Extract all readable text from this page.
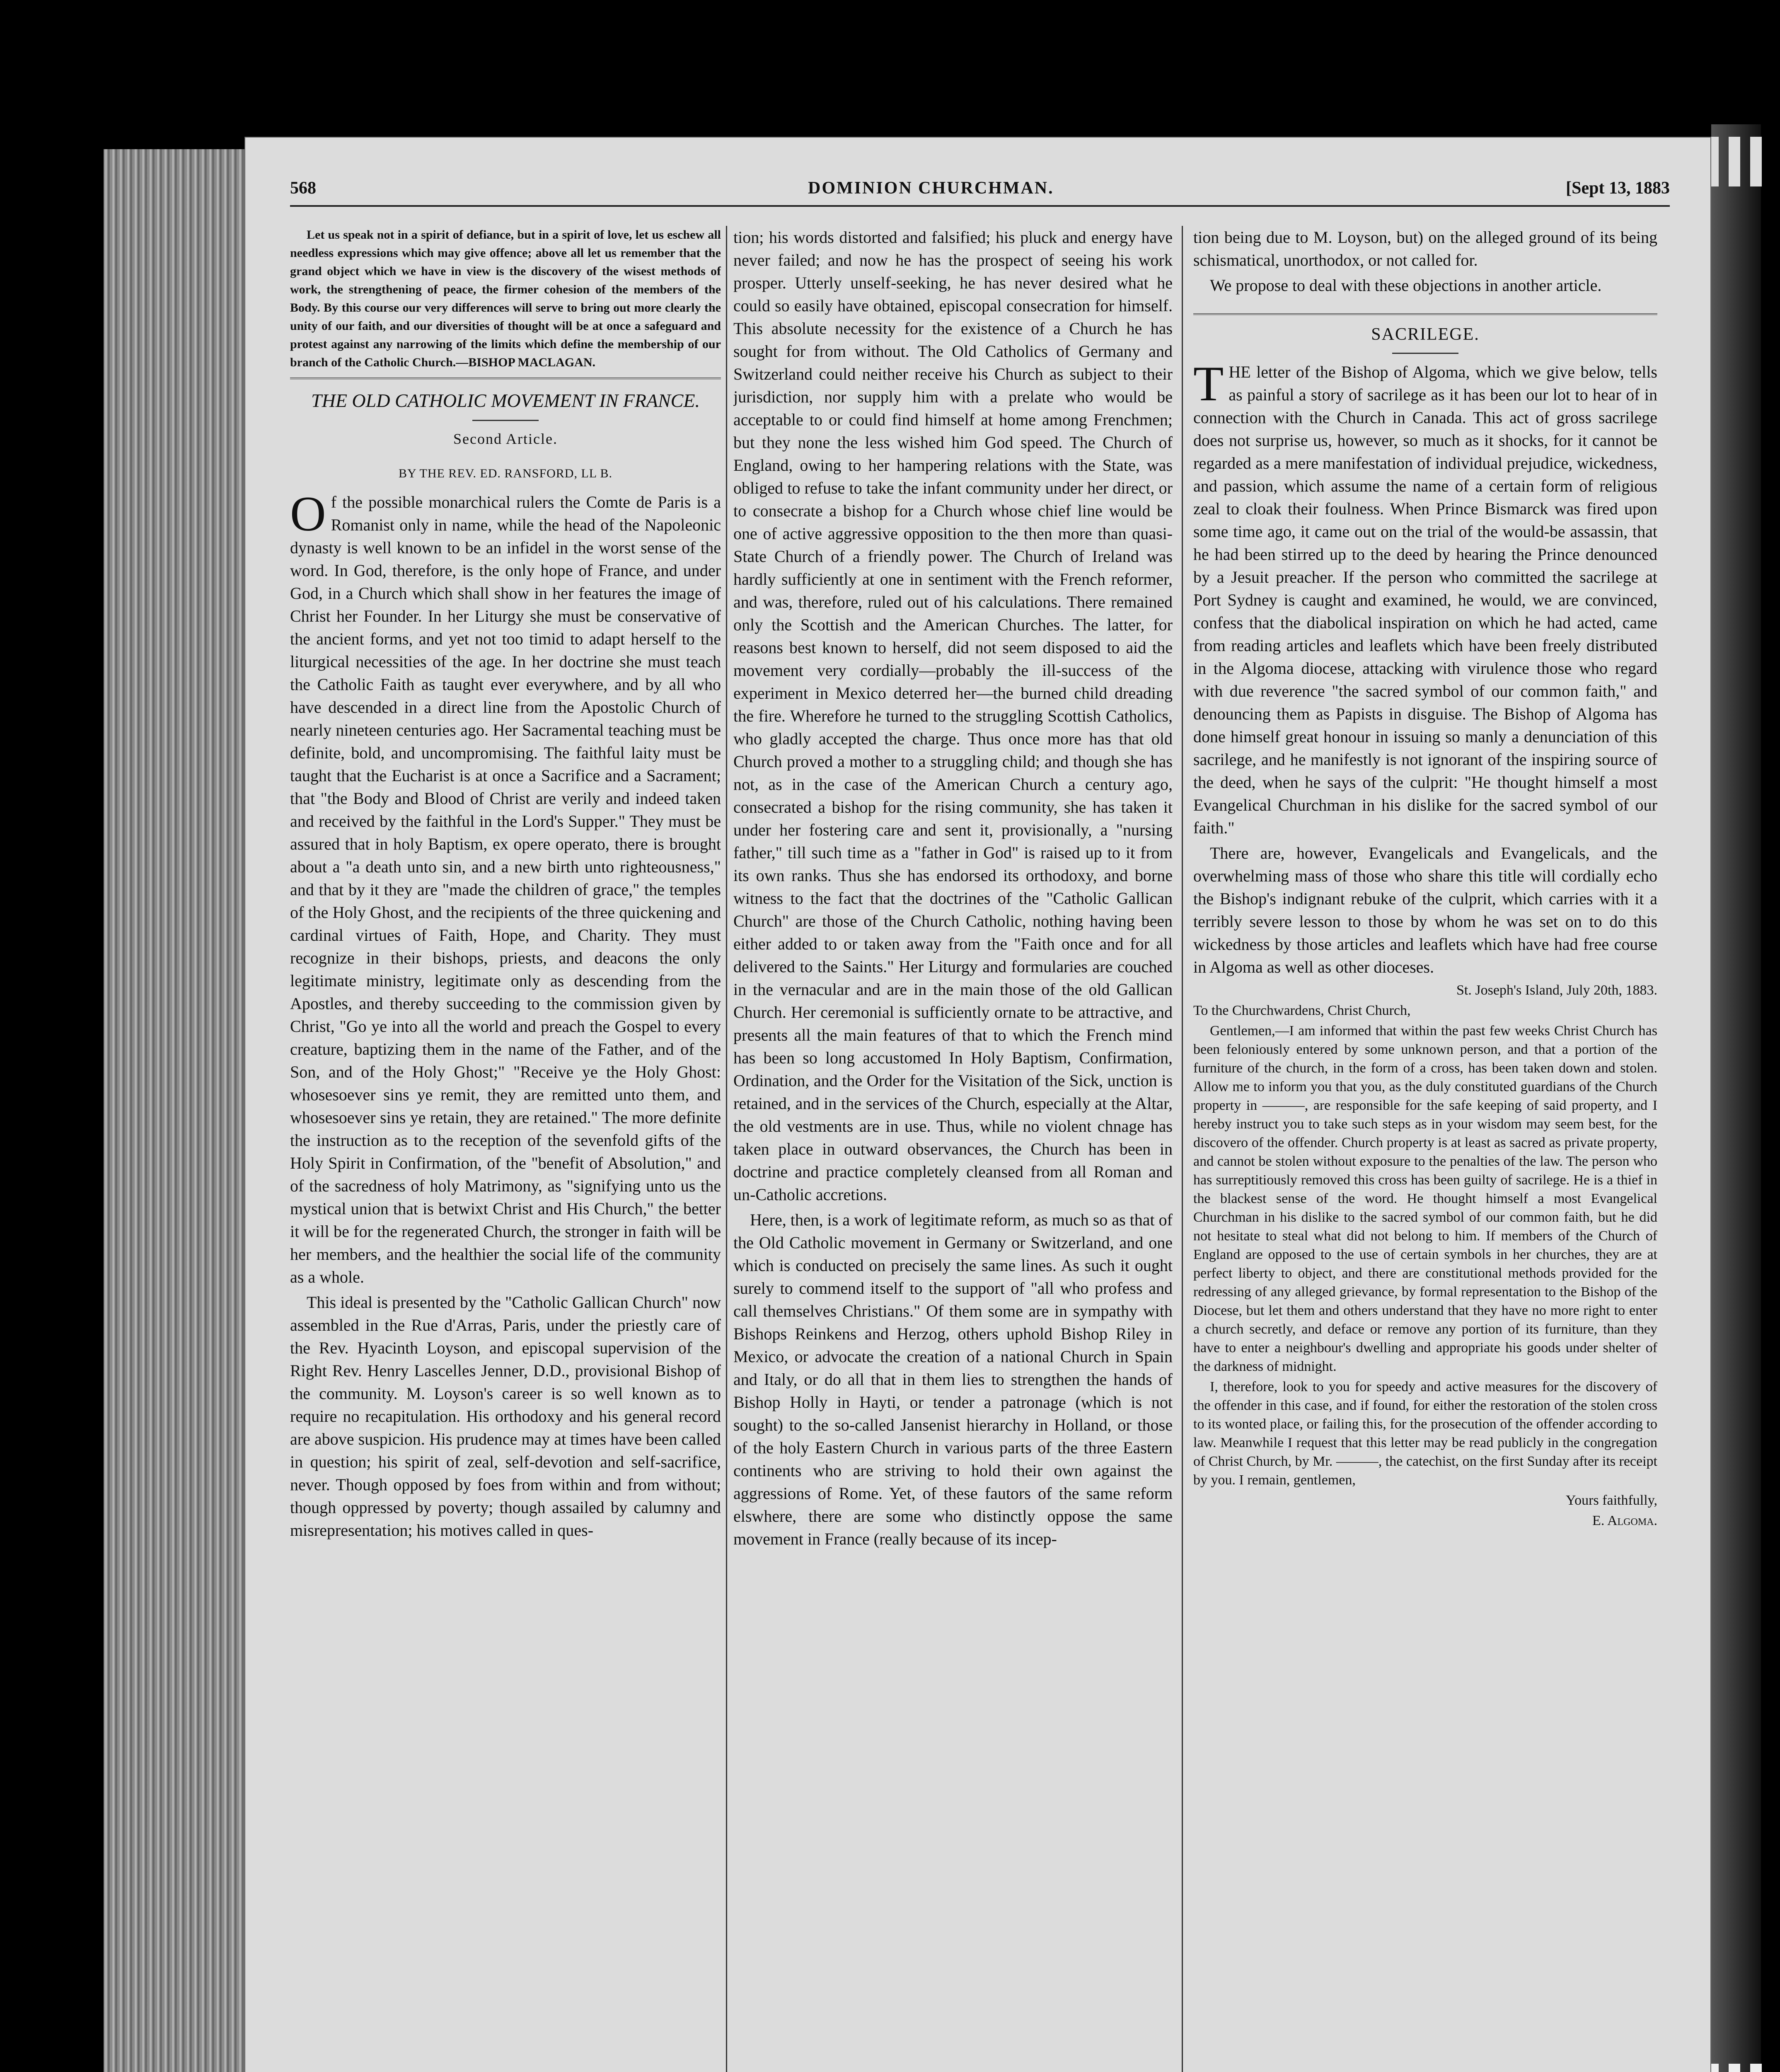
568	DOMINION CHURCHMAN.	[Sept 13, 1883

Let us speak not in a spirit of defiance, but in a spirit of love, let us eschew all needless expressions which may give offence; above all let us remember that the grand object which we have in view is the discovery of the wisest methods of work, the strengthening of peace, the firmer cohesion of the members of the Body. By this course our very differences will serve to bring out more clearly the unity of our faith, and our diversities of thought will be at once a safeguard and protest against any narrowing of the limits which define the membership of our branch of the Catholic Church.—BISHOP MACLAGAN.

THE OLD CATHOLIC MOVEMENT IN FRANCE.
Second Article.
BY THE REV. ED. RANSFORD, LL B.

Of the possible monarchical rulers the Comte de Paris is a Romanist only in name, while the head of the Napoleonic dynasty is well known to be an infidel in the worst sense of the word. In God, therefore, is the only hope of France, and under God, in a Church which shall show in her features the image of Christ her Founder. In her Liturgy she must be conservative of the ancient forms, and yet not too timid to adapt herself to the liturgical necessities of the age. In her doctrine she must teach the Catholic Faith as taught ever everywhere, and by all who have descended in a direct line from the Apostolic Church of nearly nineteen centuries ago. Her Sacramental teaching must be definite, bold, and uncompromising. The faithful laity must be taught that the Eucharist is at once a Sacrifice and a Sacrament; that "the Body and Blood of Christ are verily and indeed taken and received by the faithful in the Lord's Supper." They must be assured that in holy Baptism, ex opere operato, there is brought about a "a death unto sin, and a new birth unto righteousness," and that by it they are "made the children of grace," the temples of the Holy Ghost, and the recipients of the three quickening and cardinal virtues of Faith, Hope, and Charity. They must recognize in their bishops, priests, and deacons the only legitimate ministry, legitimate only as descending from the Apostles, and thereby succeeding to the commission given by Christ, "Go ye into all the world and preach the Gospel to every creature, baptizing them in the name of the Father, and of the Son, and of the Holy Ghost;" "Receive ye the Holy Ghost: whosesoever sins ye remit, they are remitted unto them, and whosesoever sins ye retain, they are retained." The more definite the instruction as to the reception of the sevenfold gifts of the Holy Spirit in Confirmation, of the "benefit of Absolution," and of the sacredness of holy Matrimony, as "signifying unto us the mystical union that is betwixt Christ and His Church," the better it will be for the regenerated Church, the stronger in faith will be her members, and the healthier the social life of the community as a whole.

This ideal is presented by the "Catholic Gallican Church" now assembled in the Rue d'Arras, Paris, under the priestly care of the Rev. Hyacinth Loyson, and episcopal supervision of the Right Rev. Henry Lascelles Jenner, D.D., provisional Bishop of the community. M. Loyson's career is so well known as to require no recapitulation. His orthodoxy and his general record are above suspicion. His prudence may at times have been called in question; his spirit of zeal, self-devotion and self-sacrifice, never. Though opposed by foes from within and from without; though oppressed by poverty; though assailed by calumny and misrepresentation; his motives called in ques-

tion; his words distorted and falsified; his pluck and energy have never failed; and now he has the prospect of seeing his work prosper. Utterly unself-seeking, he has never desired what he could so easily have obtained, episcopal consecration for himself. This absolute necessity for the existence of a Church he has sought for from without. The Old Catholics of Germany and Switzerland could neither receive his Church as subject to their jurisdiction, nor supply him with a prelate who would be acceptable to or could find himself at home among Frenchmen; but they none the less wished him God speed. The Church of England, owing to her hampering relations with the State, was obliged to refuse to take the infant community under her direct, or to consecrate a bishop for a Church whose chief line would be one of active aggressive opposition to the then more than quasi-State Church of a friendly power. The Church of Ireland was hardly sufficiently at one in sentiment with the French reformer, and was, therefore, ruled out of his calculations. There remained only the Scottish and the American Churches. The latter, for reasons best known to herself, did not seem disposed to aid the movement very cordially—probably the ill-success of the experiment in Mexico deterred her—the burned child dreading the fire. Wherefore he turned to the struggling Scottish Catholics, who gladly accepted the charge. Thus once more has that old Church proved a mother to a struggling child; and though she has not, as in the case of the American Church a century ago, consecrated a bishop for the rising community, she has taken it under her fostering care and sent it, provisionally, a "nursing father," till such time as a "father in God" is raised up to it from its own ranks. Thus she has endorsed its orthodoxy, and borne witness to the fact that the doctrines of the "Catholic Gallican Church" are those of the Church Catholic, nothing having been either added to or taken away from the "Faith once and for all delivered to the Saints." Her Liturgy and formularies are couched in the vernacular and are in the main those of the old Gallican Church. Her ceremonial is sufficiently ornate to be attractive, and presents all the main features of that to which the French mind has been so long accustomed In Holy Baptism, Confirmation, Ordination, and the Order for the Visitation of the Sick, unction is retained, and in the services of the Church, especially at the Altar, the old vestments are in use. Thus, while no violent chnage has taken place in outward observances, the Church has been in doctrine and practice completely cleansed from all Roman and un-Catholic accretions.

Here, then, is a work of legitimate reform, as much so as that of the Old Catholic movement in Germany or Switzerland, and one which is conducted on precisely the same lines. As such it ought surely to commend itself to the support of "all who profess and call themselves Christians." Of them some are in sympathy with Bishops Reinkens and Herzog, others uphold Bishop Riley in Mexico, or advocate the creation of a national Church in Spain and Italy, or do all that in them lies to strengthen the hands of Bishop Holly in Hayti, or tender a patronage (which is not sought) to the so-called Jansenist hierarchy in Holland, or those of the holy Eastern Church in various parts of the three Eastern continents who are striving to hold their own against the aggressions of Rome. Yet, of these fautors of the same reform elswhere, there are some who distinctly oppose the same movement in France (really because of its incep-

tion being due to M. Loyson, but) on the alleged ground of its being schismatical, unorthodox, or not called for.

We propose to deal with these objections in another article.

SACRILEGE.

THE letter of the Bishop of Algoma, which we give below, tells as painful a story of sacrilege as it has been our lot to hear of in connection with the Church in Canada. This act of gross sacrilege does not surprise us, however, so much as it shocks, for it cannot be regarded as a mere manifestation of individual prejudice, wickedness, and passion, which assume the name of a certain form of religious zeal to cloak their foulness. When Prince Bismarck was fired upon some time ago, it came out on the trial of the would-be assassin, that he had been stirred up to the deed by hearing the Prince denounced by a Jesuit preacher. If the person who committed the sacrilege at Port Sydney is caught and examined, he would, we are convinced, confess that the diabolical inspiration on which he had acted, came from reading articles and leaflets which have been freely distributed in the Algoma diocese, attacking with virulence those who regard with due reverence "the sacred symbol of our common faith," and denouncing them as Papists in disguise. The Bishop of Algoma has done himself great honour in issuing so manly a denunciation of this sacrilege, and he manifestly is not ignorant of the inspiring source of the deed, when he says of the culprit: "He thought himself a most Evangelical Churchman in his dislike for the sacred symbol of our faith."

There are, however, Evangelicals and Evangelicals, and the overwhelming mass of those who share this title will cordially echo the Bishop's indignant rebuke of the culprit, which carries with it a terribly severe lesson to those by whom he was set on to do this wickedness by those articles and leaflets which have had free course in Algoma as well as other dioceses.

St. Joseph's Island, July 20th, 1883.

To the Churchwardens, Christ Church,

Gentlemen,—I am informed that within the past few weeks Christ Church has been feloniously entered by some unknown person, and that a portion of the furniture of the church, in the form of a cross, has been taken down and stolen. Allow me to inform you that you, as the duly constituted guardians of the Church property in ———, are responsible for the safe keeping of said property, and I hereby instruct you to take such steps as in your wisdom may seem best, for the discovero of the offender. Church property is at least as sacred as private property, and cannot be stolen without exposure to the penalties of the law. The person who has surreptitiously removed this cross has been guilty of sacrilege. He is a thief in the blackest sense of the word. He thought himself a most Evangelical Churchman in his dislike to the sacred symbol of our common faith, but he did not hesitate to steal what did not belong to him. If members of the Church of England are opposed to the use of certain symbols in her churches, they are at perfect liberty to object, and there are constitutional methods provided for the redressing of any alleged grievance, by formal representation to the Bishop of the Diocese, but let them and others understand that they have no more right to enter a church secretly, and deface or remove any portion of its furniture, than they have to enter a neighbour's dwelling and appropriate his goods under shelter of the darkness of midnight.

I, therefore, look to you for speedy and active measures for the discovery of the offender in this case, and if found, for either the restoration of the stolen cross to its wonted place, or failing this, for the prosecution of the offender according to law. Meanwhile I request that this letter may be read publicly in the congregation of Christ Church, by Mr. ———, the catechist, on the first Sunday after its receipt by you. I remain, gentlemen,

Yours faithfully,

E. Algoma.
